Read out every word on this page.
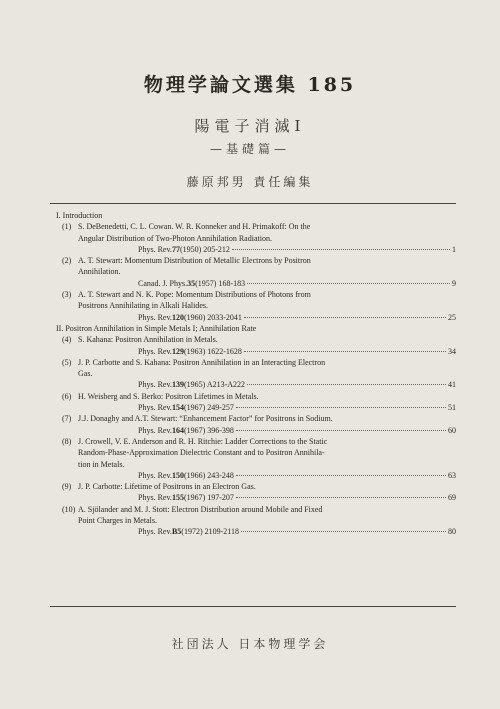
物理学論文選集 185
陽電子消滅Ⅰ
—基礎篇—
藤原邦男 責任編集
I. Introduction
(1) S. DeBenedetti, C. L. Cowan. W. R. Konneker and H. Primakoff: On the
Angular Distribution of Two-Photon Annihilation Radiation.
Phys. Rev. 77 (1950) 205-212	1
(2) A. T. Stewart: Momentum Distribution of Metallic Electrons by Positron
Annihilation.
Canad. J. Phys. 35 (1957) 168-183	9
(3) A. T. Stewart and N. K. Pope: Momentum Distributions of Photons from
Positrons Annihilating in Alkali Halides.
Phys. Rev. 120 (1960) 2033-2041	25
II. Positron Annihilation in Simple Metals I; Annihilation Rate
(4) S. Kahana: Positron Annihilation in Metals.
Phys. Rev. 129 (1963) 1622-1628	34
(5) J. P. Carbotte and S. Kahana: Positron Annihilation in an Interacting Electron
Gas.
Phys. Rev. 139 (1965) A213-A222	41
(6) H. Weisberg and S. Berko: Positron Lifetimes in Metals.
Phys. Rev. 154 (1967) 249-257	51
(7) J.J. Donaghy and A.T. Stewart: “Enhancement Factor” for Positrons in Sodium.
Phys. Rev. 164 (1967) 396-398	60
(8) J. Crowell, V. E. Anderson and R. H. Ritchie: Ladder Corrections to the Static
Random-Phase-Approximation Dielectric Constant and to Positron Annihila-
tion in Metals.
Phys. Rev. 150 (1966) 243-248	63
(9) J. P. Carbotte: Lifetime of Positrons in an Electron Gas.
Phys. Rev. 155 (1967) 197-207	69
(10) A. Sjölander and M. J. Stott: Electron Distribution around Mobile and Fixed
Point Charges in Metals.
Phys. Rev. B5 (1972) 2109-2118	80
社団法人 日本物理学会
